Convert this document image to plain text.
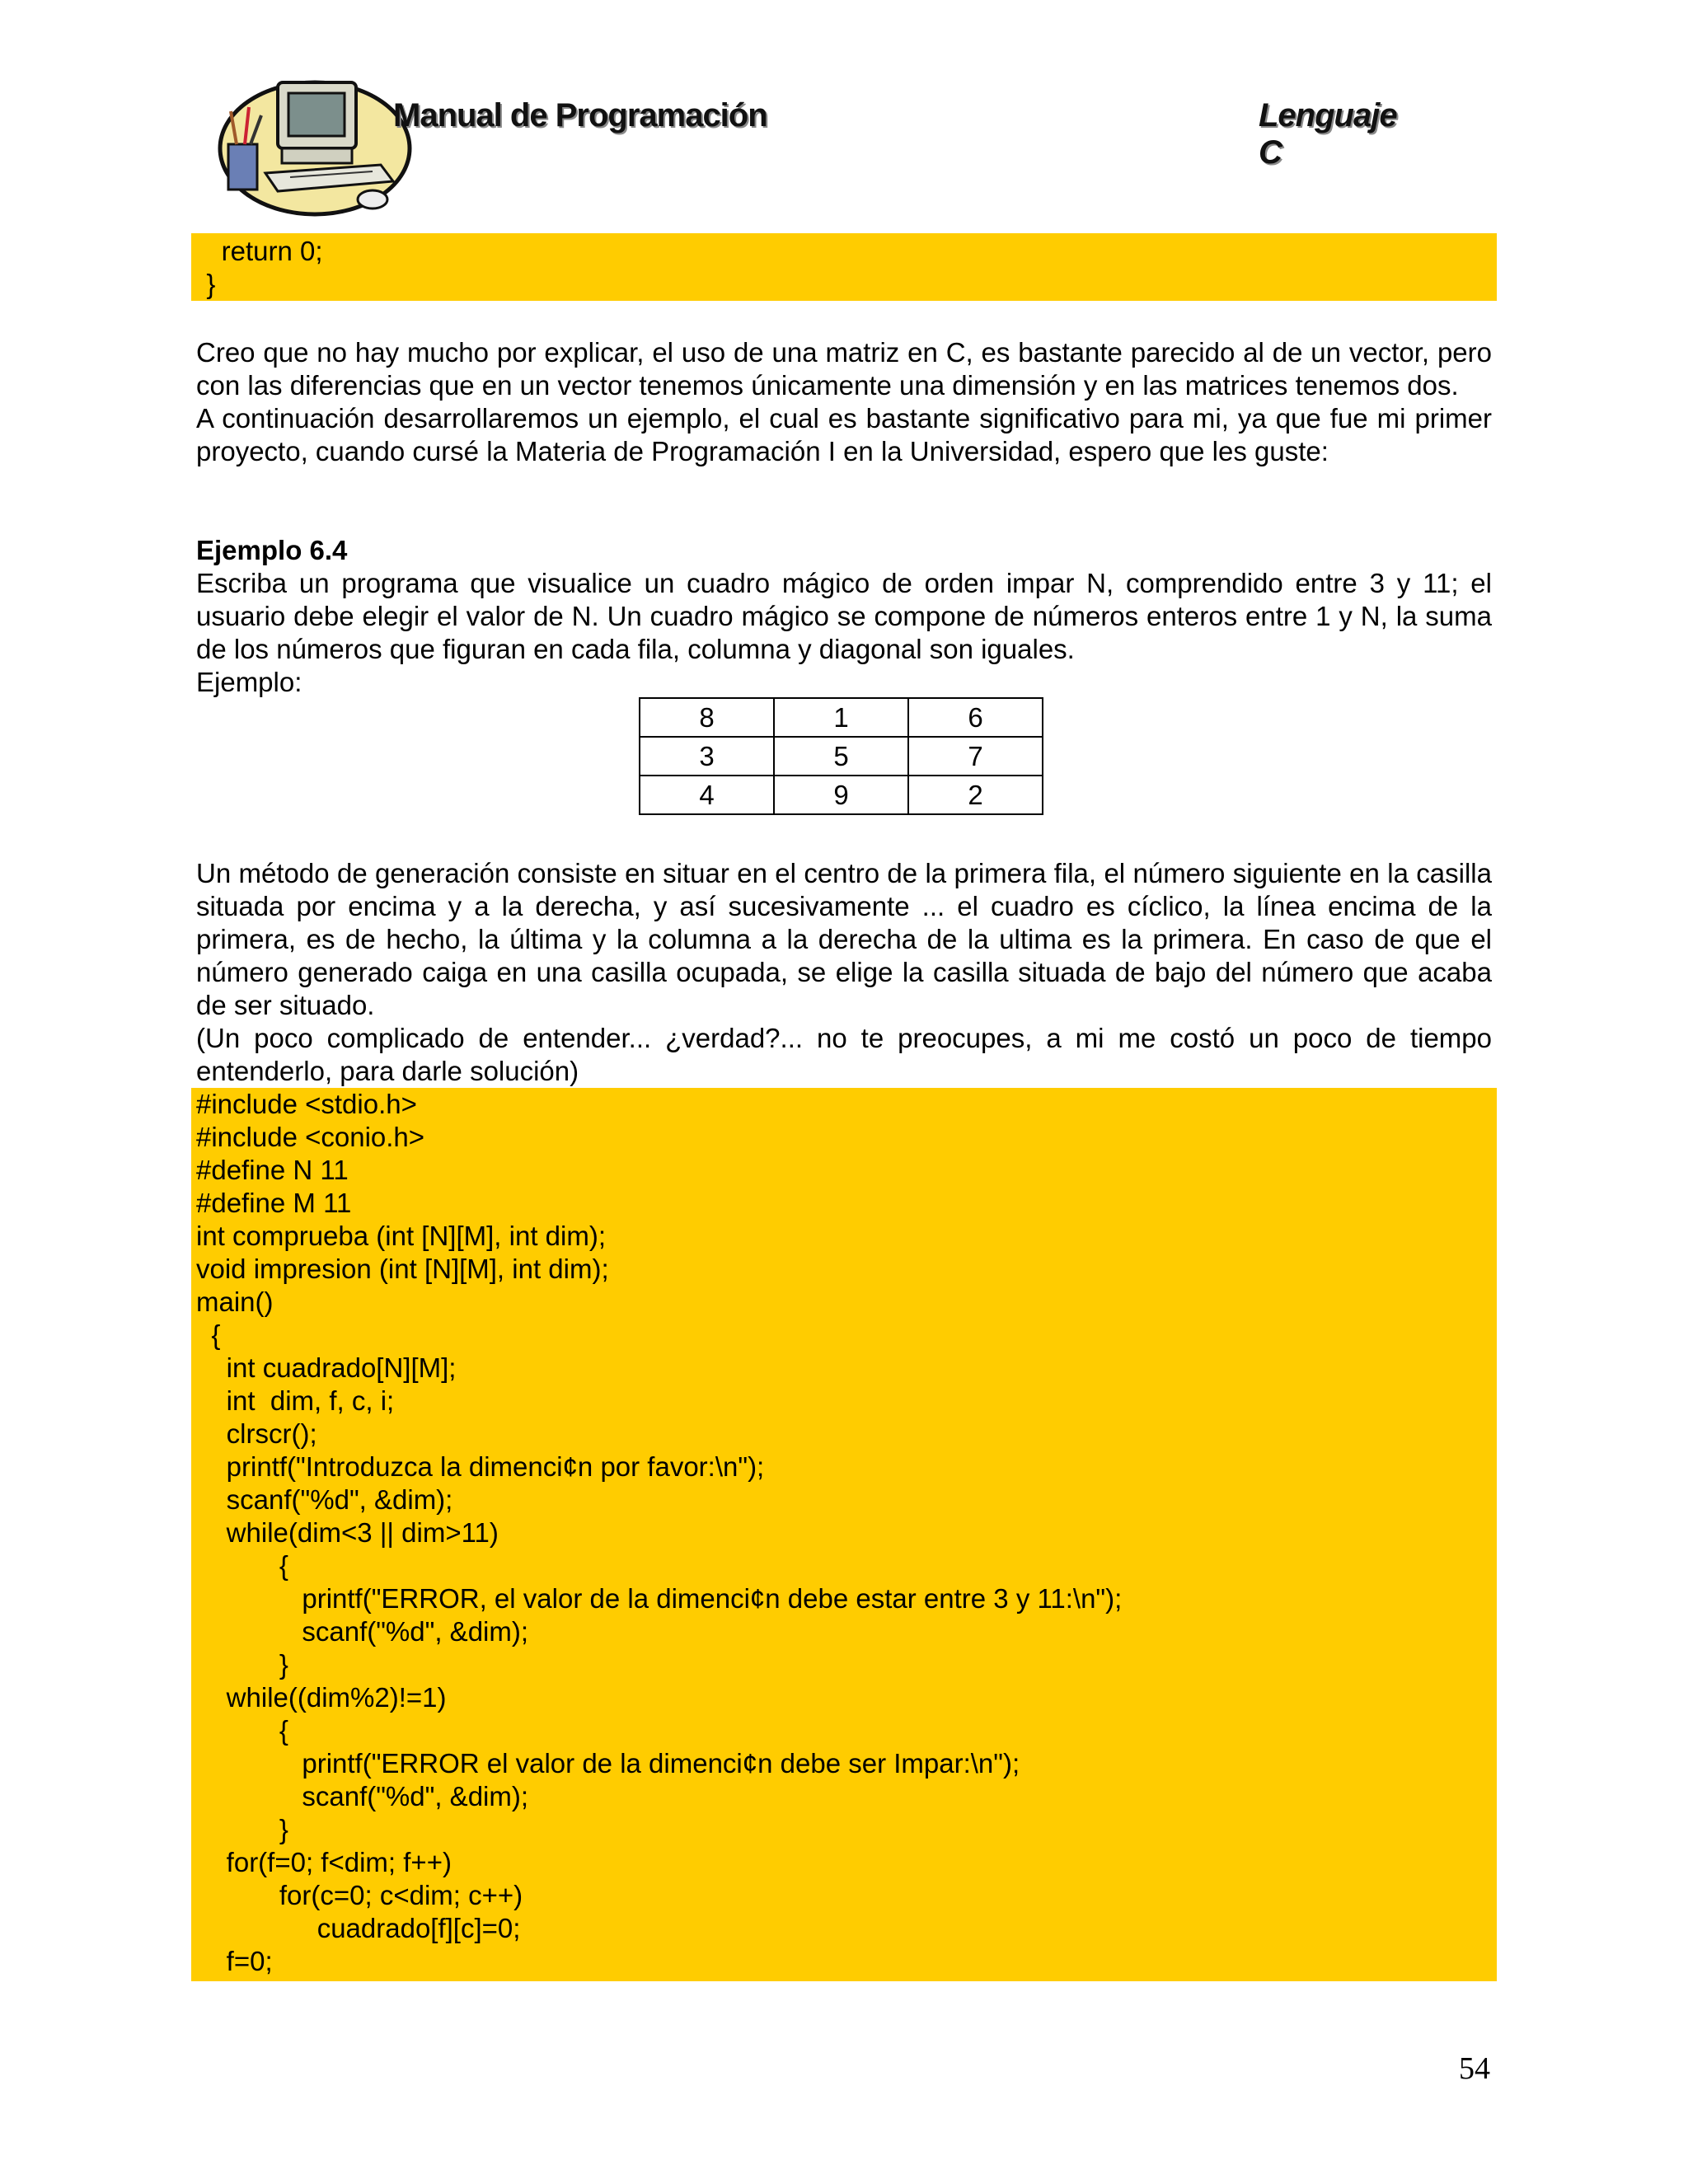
Manual de Programación	Lenguaje C
return 0;
}

Creo que no hay mucho por explicar, el uso de una matriz en C, es bastante parecido al de un vector, pero con las diferencias que en un vector tenemos únicamente una dimensión y en las matrices tenemos dos.

A continuación desarrollaremos un ejemplo, el cual es bastante significativo para mi, ya que fue mi primer proyecto, cuando cursé la Materia de Programación I en la Universidad, espero que les guste:

Ejemplo 6.4

Escriba un programa que visualice un cuadro mágico de orden impar N, comprendido entre 3 y 11; el usuario debe elegir el valor de N. Un cuadro mágico se compone de números enteros entre 1 y N, la suma de los números que figuran en cada fila, columna y diagonal son iguales.

Ejemplo:

8	1	6
3	5	7
4	9	2

Un método de generación consiste en situar en el centro de la primera fila, el número siguiente en la casilla situada por encima y a la derecha, y así sucesivamente ... el cuadro es cíclico, la línea encima de la primera, es de hecho, la última y la columna a la derecha de la ultima es la primera. En caso de que el número generado caiga en una casilla ocupada, se elige la casilla situada de bajo del número que acaba de ser situado.

(Un poco complicado de entender... ¿verdad?... no te preocupes, a mi me costó un poco de tiempo entenderlo, para darle solución)

#include <stdio.h>
#include <conio.h>
#define N 11
#define M 11
int comprueba (int [N][M], int dim);
void impresion (int [N][M], int dim);
main()
{
int cuadrado[N][M];
int  dim, f, c, i;
clrscr();
printf("Introduzca la dimenci¢n por favor:\n");
scanf("%d", &dim);
while(dim<3 || dim>11)
{
printf("ERROR, el valor de la dimenci¢n debe estar entre 3 y 11:\n");
scanf("%d", &dim);
}
while((dim%2)!=1)
{
printf("ERROR el valor de la dimenci¢n debe ser Impar:\n");
scanf("%d", &dim);
}
for(f=0; f<dim; f++)
for(c=0; c<dim; c++)
cuadrado[f][c]=0;
f=0;
54
